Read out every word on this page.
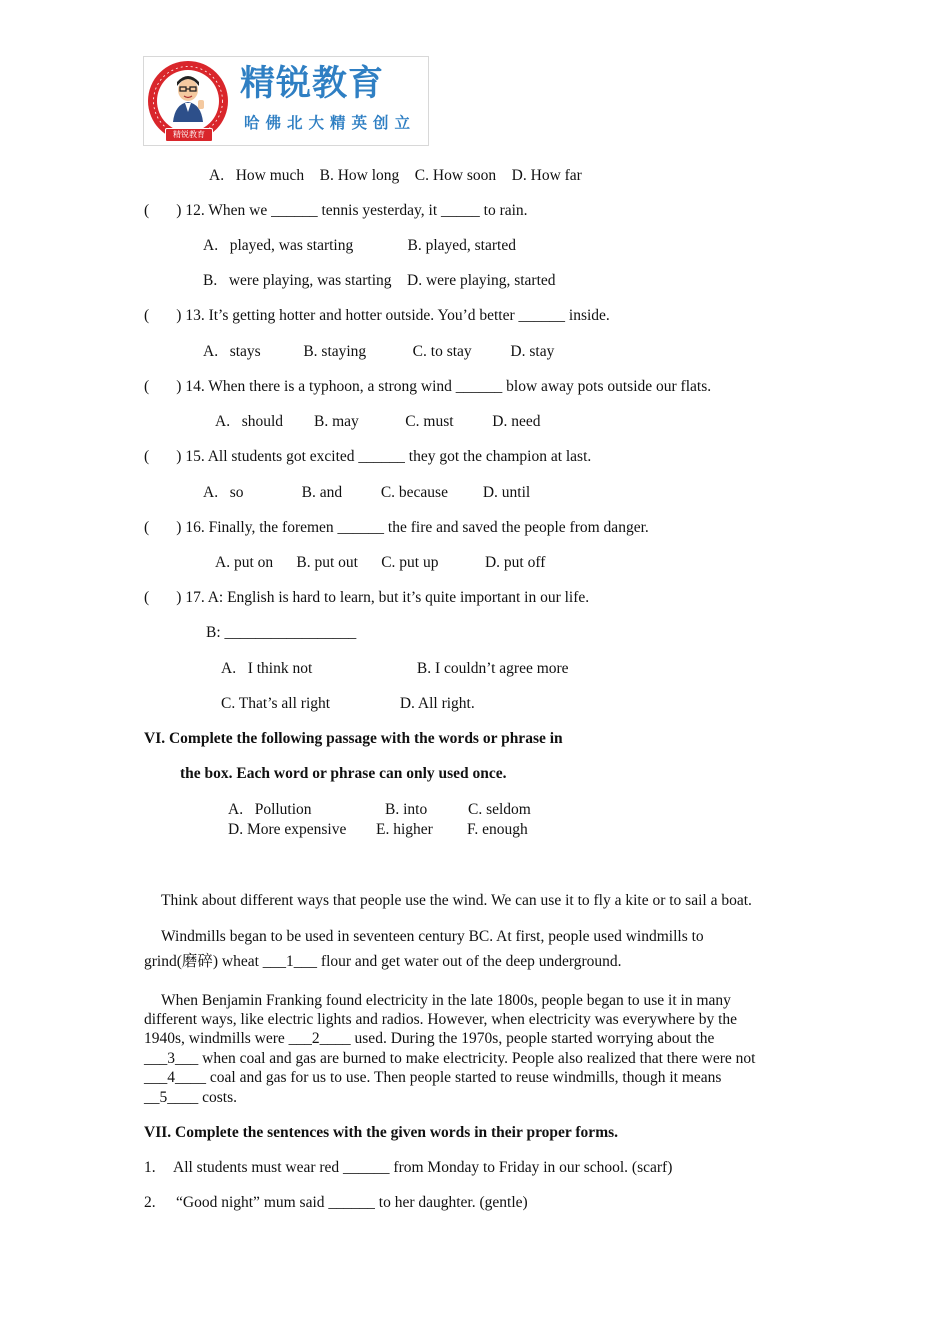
精锐教育
精锐教育
哈佛北大精英创立
A.   How much    B. How long    C. How soon    D. How far
(       ) 12. When we ______ tennis yesterday, it _____ to rain.
A.   played, was starting              B. played, started
B.   were playing, was starting    D. were playing, started
(       ) 13. It’s getting hotter and hotter outside. You’d better ______ inside.
A.   stays           B. staying            C. to stay          D. stay
(       ) 14. When there is a typhoon, a strong wind ______ blow away pots outside our flats.
A.   should        B. may            C. must          D. need
(       ) 15. All students got excited ______ they got the champion at last.
A.   so               B. and          C. because         D. until
(       ) 16. Finally, the foremen ______ the fire and saved the people from danger.
A. put on      B. put out      C. put up            D. put off
(       ) 17. A: English is hard to learn, but it’s quite important in our life.
B: _________________
A.   I think not                           B. I couldn’t agree more
C. That’s all right                  D. All right.
VI. Complete the following passage with the words or phrase in
the box. Each word or phrase can only used once.
A.   Pollution	B. into	C. seldom
D. More expensive E. higher F. enough
Think about different ways that people use the wind. We can use it to fly a kite or to sail a boat.
Windmills began to be used in seventeen century BC. At first, people used windmills to
grind(磨碎) wheat ___1___ flour and get water out of the deep underground.
When Benjamin Franking found electricity in the late 1800s, people began to use it in many
different ways, like electric lights and radios. However, when electricity was everywhere by the
1940s, windmills were ___2____ used. During the 1970s, people started worrying about the
___3___ when coal and gas are burned to make electricity. People also realized that there were not
___4____ coal and gas for us to use. Then people started to reuse windmills, though it means
__5____ costs.
VII. Complete the sentences with the given words in their proper forms.
1. All students must wear red ______ from Monday to Friday in our school. (scarf)
2. “Good night” mum said ______ to her daughter. (gentle)
